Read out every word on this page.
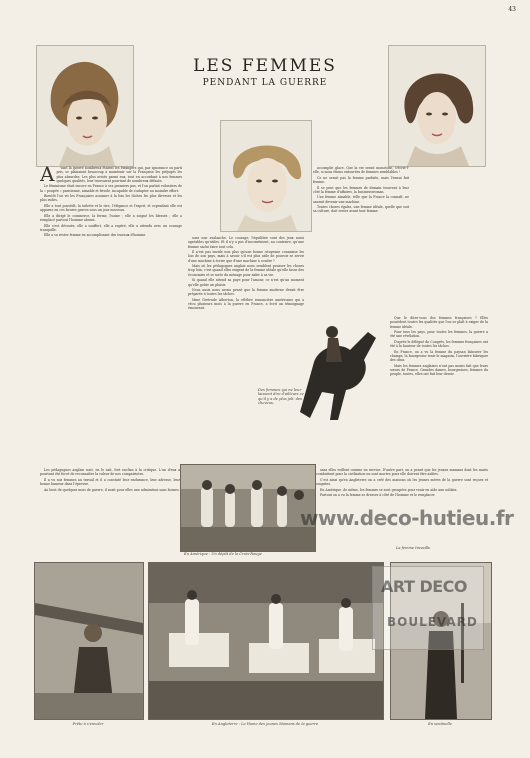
43
LES FEMMES
PENDANT LA GUERRE
A	vant la guerre nombreux étaient les étrangers qui, par ignorance ou parti pris, se plaisaient beaucoup à maintenir sur la Française les préjugés les plus absurdes. Les plus avisés parmi eux, tout en accordant à nos femmes quelques qualités, leur trouvaient pourtant de nombreux défauts.

Le féminisme était encore en France à ses premiers pas, et l'on parlait volontiers de la « poupée » parisienne, aimable et frivole, incapable de s'adapter au moindre effort.

Bientôt l'on vit les Françaises assumer à la fois les tâches les plus diverses et les plus rudes.

Elle a tout possédé, la toilette et le rire, l'élégance et l'esprit, et cependant elle est apparue en ces heures graves sous un jour nouveau.

Elle a dirigé le commerce, la ferme, l'usine ; elle a soigné les blessés ; elle a remplacé partout l'homme absent.

Elle s'est dévouée, elle a souffert, elle a espéré, elle a attendu avec un courage tranquille.

Elle a su rester femme en accomplissant des travaux d'homme.

sons une avalanche. Le courage, l'équilibre sont des jeux aussi agréables qu'utiles. Et il n'y a pas d'inconvénient, au contraire, qu'une femme sache faire tout cela.

Il n'est pas inutile non plus qu'une bonne citoyenne connaisse les lois de son pays, mais à savoir s'il est plus utile de pouvoir se servir d'une machine à écrire que d'une machine à coudre ?

Mais où les pédagogues anglais nous semblent pousser les choses trop loin, c'est quand elles exigent de la femme idéale qu'elle fasse des économies et se sorte du ménage pour aider à sa vie.

Si quand elle attend sa paye pour l'amour, ce n'est qu'un moment qu'elle goûte un plaisir.

Nous aussi nous avons pensé que la femme moderne devait être préparée à toutes les tâches.

Mme Gertrude Atherton, la célèbre romancière américaine qui a vécu plusieurs mois à la guerre en France, a écrit un témoignage émouvant.

Des femmes qui ne leur laissent dire d'ailleurs ce qu'il y a de plus joli: des cheveux,

accomplie glace. Que la vie serait monotone, s'écrie-t-elle, si nous étions entourées de femmes semblables !

Ce ne serait pas la femme parfaite, mais l'ennui fait femme.

Il se peut que les femmes de demain trouvent à leur côté la femme d'affaires, la businesswoman.

Une femme aimable, telle que la France la connaît, ne saurait devenir une machine.

Toutes choses égales, une femme idéale, quelle que soit sa culture, doit rester avant tout femme.

Que le dites-vous des femmes françaises ? Elles possèdent toutes les qualités que l'on se plaît à exiger de la femme idéale.

Pour tous les pays, pour toutes les femmes, la guerre a été une révélation.

D'après le délégué du Congrès, les femmes françaises ont été à la hauteur de toutes les tâches.

En France, on a vu la femme du paysan labourer les champs, la bourgeoise tenir le magasin, l'ouvrière fabriquer des obus.

Mais les femmes anglaises n'ont pas moins fait que leurs sœurs de France. Grandes dames, bourgeoises, femmes du peuple, toutes, elles ont fait leur devoir.

Les pédagogues anglais sont, en le sait, fort enclins à la critique. L'un d'eux a pourtant été forcé de reconnaître la valeur de nos compatriotes.

Il a vu nos femmes au travail et il a constaté leur endurance, leur adresse, leur bonne humeur dans l'épreuve.

Au bout de quelques mois de guerre, il avait pour elles une admiration sans bornes.

En Amérique : Un dépôt de la Croix-Rouge

sans elles veillent comme en service. D'autre part, on a pensé que les jeunes mamans dont les maris combattent pour la civilisation en sont mortes pour elle doivent être aidées.

C'est ainsi qu'en Angleterre on a créé des maisons où les jeunes mères de la guerre sont reçues et soignées.

En Amérique, de même, les femmes se sont groupées pour venir en aide aux soldats.

Partout on a vu la femme se dresser à côté de l'homme et le remplacer.

La femme travaille
Prête à s'envoler	En Angleterre : Le Home des jeunes Mamans de la guerre	En sentinelle
www.deco-hutieu.fr
ART DECO
BOULEVARD
